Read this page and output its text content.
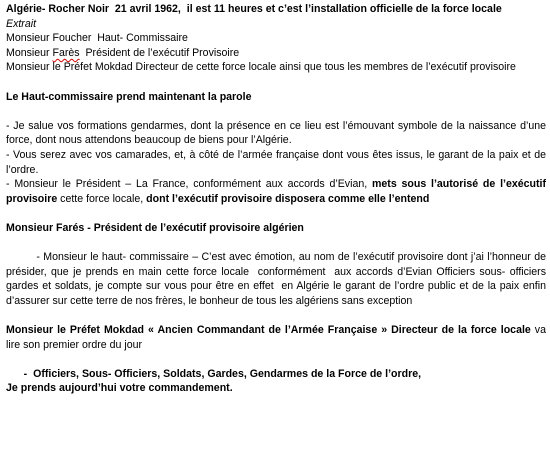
Algérie- Rocher Noir 21 avril 1962, il est 11 heures et c’est l’installation officielle de la force locale
Extrait
Monsieur Foucher  Haut- Commissaire
Monsieur Farès  Président de l’exécutif Provisoire
Monsieur le Préfet Mokdad Directeur de cette force locale ainsi que tous les membres de l’exécutif provisoire
Le Haut-commissaire prend maintenant la parole
- Je salue vos formations gendarmes, dont la présence en ce lieu est l’émouvant symbole de la naissance d’une force, dont nous attendons beaucoup de biens pour l’Algérie.
- Vous serez avec vos camarades, et, à côté de l’armée française dont vous êtes issus, le garant de la paix et de l’ordre.
- Monsieur le Président – La France, conformément aux accords d’Evian, mets sous l’autorisé de l’exécutif provisoire cette force locale, dont l’exécutif provisoire disposera comme elle l’entend
Monsieur Farés - Président de l’exécutif provisoire algérien
- Monsieur le haut- commissaire – C’est avec émotion, au nom de l’exécutif provisoire dont j’ai l’honneur de présider, que je prends en main cette force locale  conformément  aux accords d’Evian Officiers sous- officiers gardes et soldats, je compte sur vous pour être en effet  en Algérie le garant de l’ordre public et de la paix enfin d’assurer sur cette terre de nos frères, le bonheur de tous les algériens sans exception
Monsieur le Préfet Mokdad « Ancien Commandant de l’Armée Française » Directeur de la force locale va lire son premier ordre du jour
-  Officiers, Sous- Officiers, Soldats, Gardes, Gendarmes de la Force de l’ordre,
Je prends aujourd’hui votre commandement.
